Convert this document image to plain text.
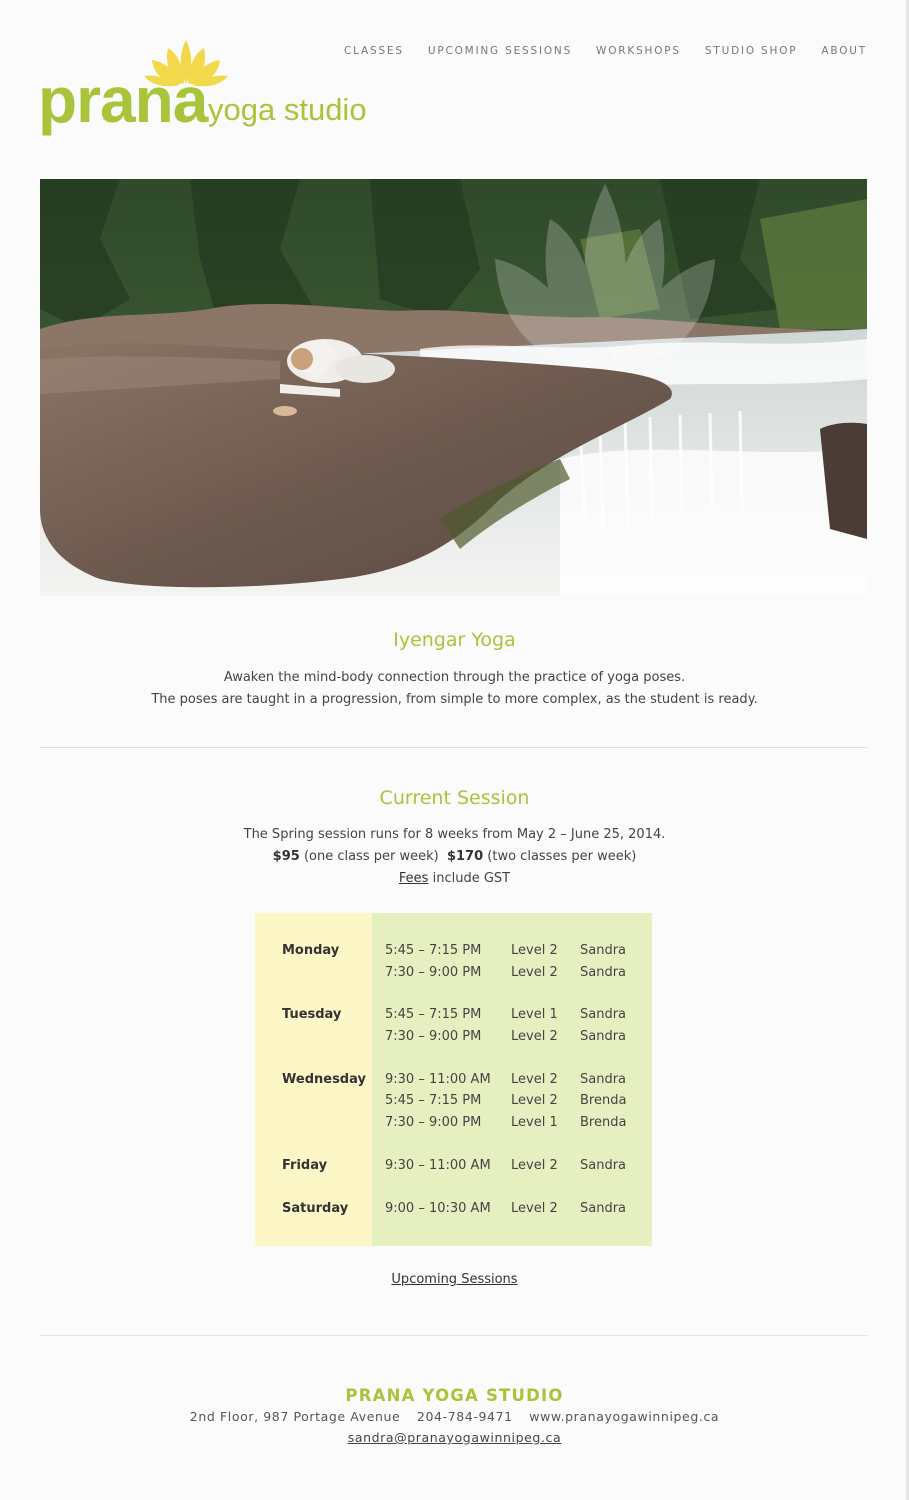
prana yoga studio
CLASSES UPCOMING SESSIONS WORKSHOPS STUDIO SHOP ABOUT
Iyengar Yoga
Awaken the mind-body connection through the practice of yoga poses.
The poses are taught in a progression, from simple to more complex, as the student is ready.
Current Session
The Spring session runs for 8 weeks from May 2 – June 25, 2014.
$95 (one class per week) $170 (two classes per week)
Fees include GST
Monday	5:45 – 7:15 PM Level 2 Sandra
7:30 – 9:00 PM Level 2 Sandra
Tuesday	5:45 – 7:15 PM Level 1 Sandra
7:30 – 9:00 PM Level 2 Sandra
Wednesday 9:30 – 11:00 AM Level 2 Sandra
5:45 – 7:15 PM Level 2 Brenda
7:30 – 9:00 PM Level 1 Brenda
Friday	9:30 – 11:00 AM Level 2 Sandra
Saturday	9:00 – 10:30 AM Level 2 Sandra
Upcoming Sessions
PRANA YOGA STUDIO
2nd Floor, 987 Portage Avenue 204-784-9471 www.pranayogawinnipeg.ca
sandra@pranayogawinnipeg.ca
